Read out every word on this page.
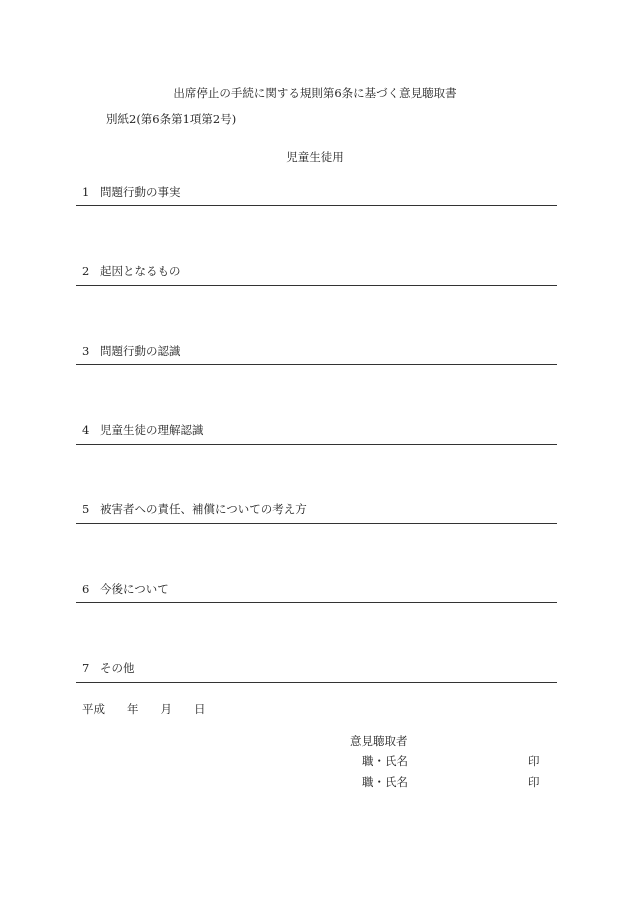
出席停止の手続に関する規則第6条に基づく意見聴取書
別紙2(第6条第1項第2号)
児童生徒用
1 問題行動の事実
2 起因となるもの
3 問題行動の認識
4 児童生徒の理解認識
5 被害者への責任、補償についての考え方
6 今後について
7 その他
平成 年 月 日
意見聴取者
職・氏名	印
職・氏名	印
